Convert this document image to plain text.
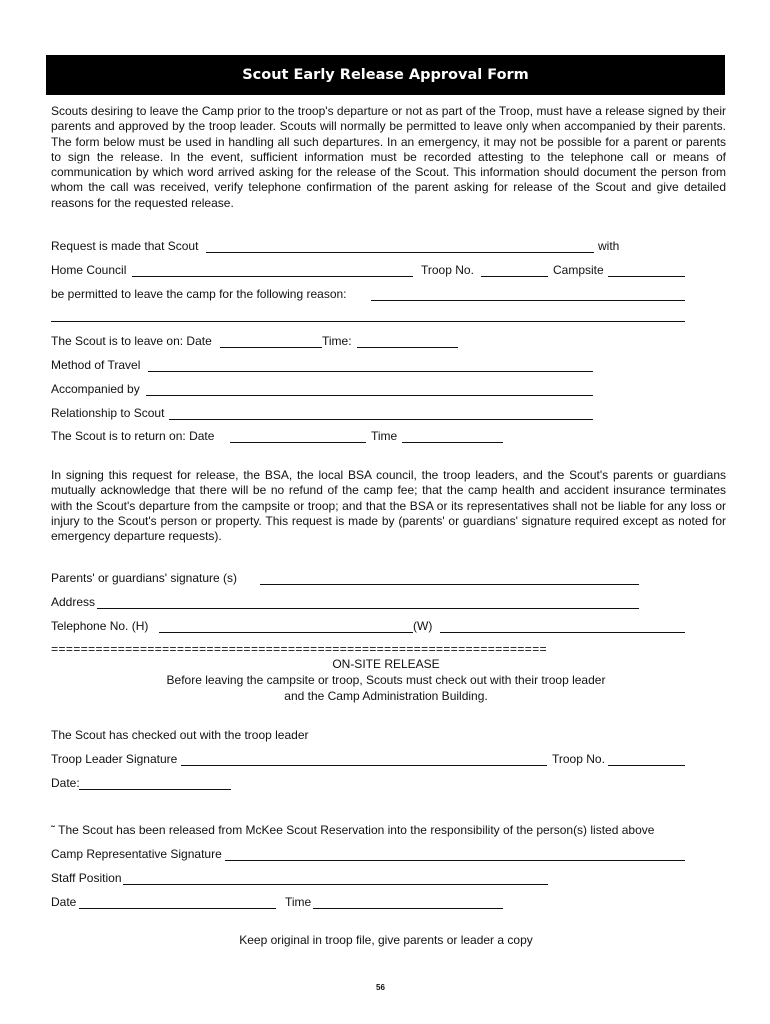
Scout Early Release Approval Form

Scouts desiring to leave the Camp prior to the troop's departure or not as part of the Troop, must have a release signed by their parents and approved by the troop leader. Scouts will normally be permitted to leave only when accompanied by their parents. The form below must be used in handling all such departures. In an emergency, it may not be possible for a parent or parents to sign the release. In the event, sufficient information must be recorded attesting to the telephone call or means of communication by which word arrived asking for the release of the Scout. This information should document the person from whom the call was received, verify telephone confirmation of the parent asking for release of the Scout and give detailed reasons for the requested release.

Request is made that Scout	with
Home Council	Troop No.	Campsite
be permitted to leave the camp for the following reason:
The Scout is to leave on: Date	Time:
Method of Travel
Accompanied by
Relationship to Scout
The Scout is to return on: Date	Time

In signing this request for release, the BSA, the local BSA council, the troop leaders, and the Scout's parents or guardians mutually acknowledge that there will be no refund of the camp fee; that the camp health and accident insurance terminates with the Scout's departure from the campsite or troop; and that the BSA or its representatives shall not be liable for any loss or injury to the Scout's person or property. This request is made by (parents' or guardians' signature required except as noted for emergency departure requests).

Parents' or guardians' signature (s)
Address
Telephone No. (H)	(W)
===================================================================
ON-SITE RELEASE
Before leaving the campsite or troop, Scouts must check out with their troop leader
and the Camp Administration Building.
The Scout has checked out with the troop leader
Troop Leader Signature	Troop No.
Date:
˜ The Scout has been released from McKee Scout Reservation into the responsibility of the person(s) listed above
Camp Representative Signature
Staff Position
Date	Time
Keep original in troop file, give parents or leader a copy
56
